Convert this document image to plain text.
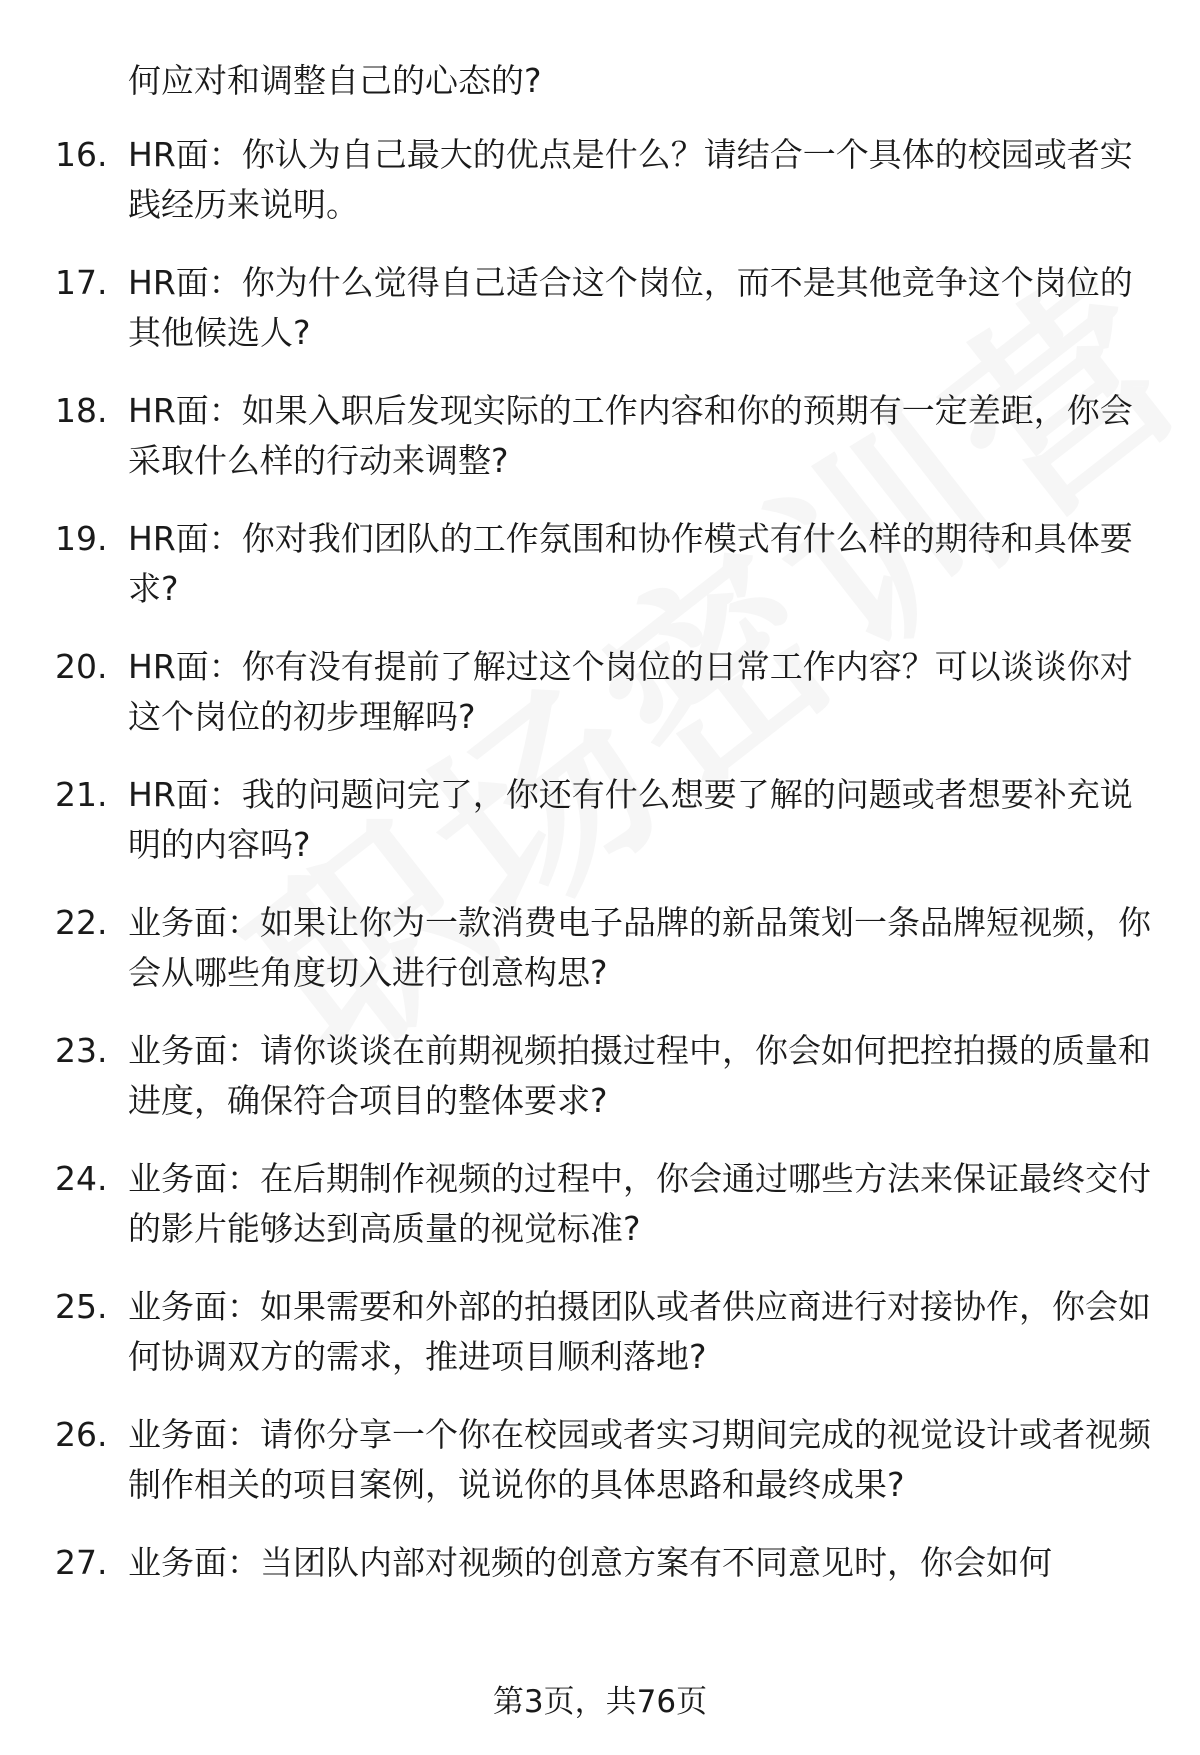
何应对和调整自己的心态的?
16. HR面：你认为自己最大的优点是什么？请结合一个具体的校园或者实践经历来说明。
17. HR面：你为什么觉得自己适合这个岗位，而不是其他竞争这个岗位的其他候选人?
18. HR面：如果入职后发现实际的工作内容和你的预期有一定差距，你会采取什么样的行动来调整?
19. HR面：你对我们团队的工作氛围和协作模式有什么样的期待和具体要求?
20. HR面：你有没有提前了解过这个岗位的日常工作内容？可以谈谈你对这个岗位的初步理解吗?
21. HR面：我的问题问完了，你还有什么想要了解的问题或者想要补充说明的内容吗?
22. 业务面：如果让你为一款消费电子品牌的新品策划一条品牌短视频，你会从哪些角度切入进行创意构思?
23. 业务面：请你谈谈在前期视频拍摄过程中，你会如何把控拍摄的质量和进度，确保符合项目的整体要求?
24. 业务面：在后期制作视频的过程中，你会通过哪些方法来保证最终交付的影片能够达到高质量的视觉标准?
25. 业务面：如果需要和外部的拍摄团队或者供应商进行对接协作，你会如何协调双方的需求，推进项目顺利落地?
26. 业务面：请你分享一个你在校园或者实习期间完成的视觉设计或者视频制作相关的项目案例，说说你的具体思路和最终成果?
27. 业务面：当团队内部对视频的创意方案有不同意见时，你会如何
第3页，共76页
